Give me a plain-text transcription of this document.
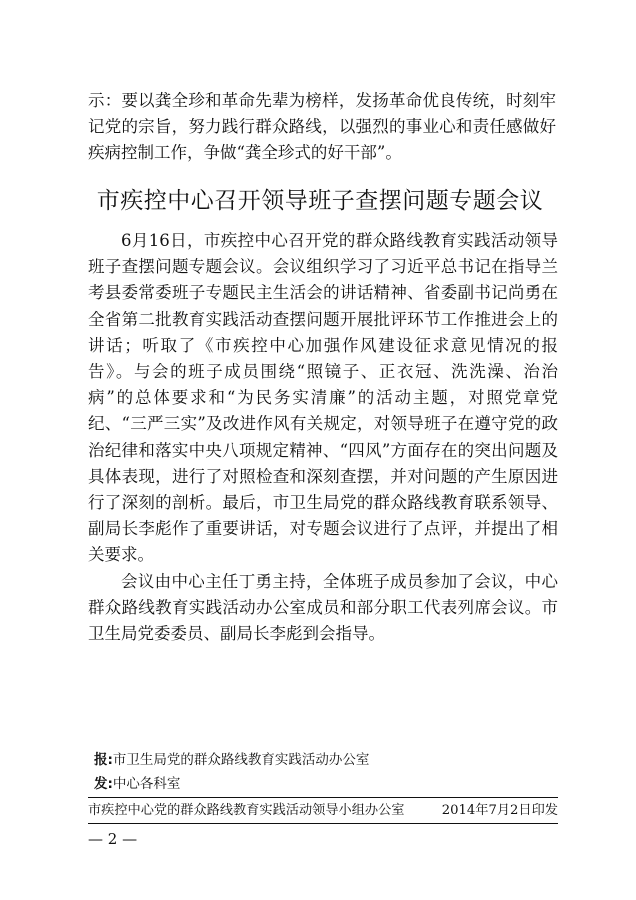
示：要以龚全珍和革命先辈为榜样，发扬革命优良传统，时刻牢记党的宗旨，努力践行群众路线，以强烈的事业心和责任感做好疾病控制工作，争做“龚全珍式的好干部”。

市疾控中心召开领导班子查摆问题专题会议

6月16日，市疾控中心召开党的群众路线教育实践活动领导班子查摆问题专题会议。会议组织学习了习近平总书记在指导兰考县委常委班子专题民主生活会的讲话精神、省委副书记尚勇在全省第二批教育实践活动查摆问题开展批评环节工作推进会上的讲话；听取了《市疾控中心加强作风建设征求意见情况的报告》。与会的班子成员围绕“照镜子、正衣冠、洗洗澡、治治病”的总体要求和“为民务实清廉”的活动主题，对照党章党纪、“三严三实”及改进作风有关规定，对领导班子在遵守党的政治纪律和落实中央八项规定精神、“四风”方面存在的突出问题及具体表现，进行了对照检查和深刻查摆，并对问题的产生原因进行了深刻的剖析。最后，市卫生局党的群众路线教育联系领导、副局长李彪作了重要讲话，对专题会议进行了点评，并提出了相关要求。

会议由中心主任丁勇主持，全体班子成员参加了会议，中心群众路线教育实践活动办公室成员和部分职工代表列席会议。市卫生局党委委员、副局长李彪到会指导。

报:市卫生局党的群众路线教育实践活动办公室
发:中心各科室
市疾控中心党的群众路线教育实践活动领导小组办公室	2014年7月2日印发
— 2 —
